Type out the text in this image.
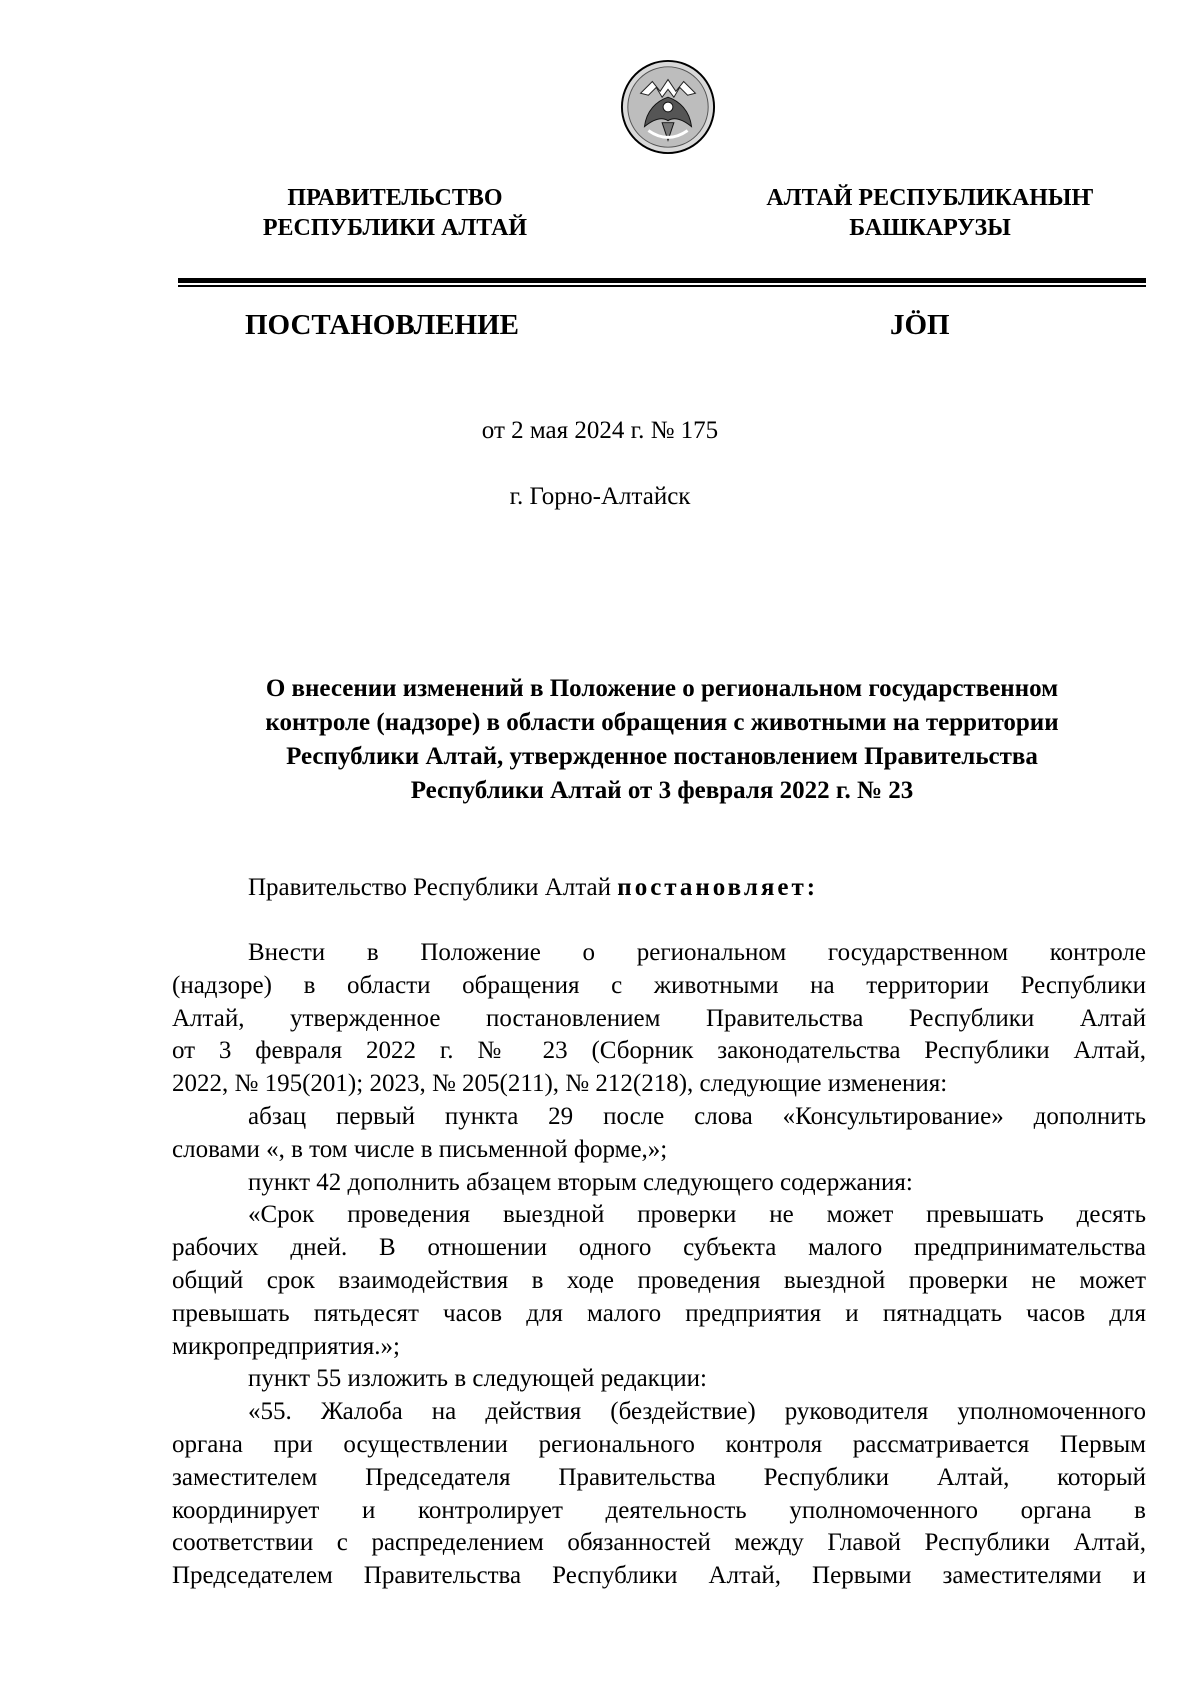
ПРАВИТЕЛЬСТВО
РЕСПУБЛИКИ АЛТАЙ
АЛТАЙ РЕСПУБЛИКАНЫҤ
БАШКАРУЗЫ
ПОСТАНОВЛЕНИЕ	ЈӦП
от 2 мая 2024 г. № 175
г. Горно-Алтайск
О внесении изменений в Положение о региональном государственном
контроле (надзоре) в области обращения с животными на территории
Республики Алтай, утвержденное постановлением Правительства
Республики Алтай от 3 февраля 2022 г. № 23
Правительство Республики Алтай постановляет:
Внести в Положение о региональном государственном контроле
(надзоре) в области обращения с животными на территории Республики
Алтай, утвержденное постановлением Правительства Республики Алтай
от 3 февраля 2022 г. № 23 (Сборник законодательства Республики Алтай,
2022, № 195(201); 2023, № 205(211), № 212(218), следующие изменения:
абзац первый пункта 29 после слова «Консультирование» дополнить
словами «, в том числе в письменной форме,»;
пункт 42 дополнить абзацем вторым следующего содержания:
«Срок проведения выездной проверки не может превышать десять
рабочих дней. В отношении одного субъекта малого предпринимательства
общий срок взаимодействия в ходе проведения выездной проверки не может
превышать пятьдесят часов для малого предприятия и пятнадцать часов для
микропредприятия.»;
пункт 55 изложить в следующей редакции:
«55. Жалоба на действия (бездействие) руководителя уполномоченного
органа при осуществлении регионального контроля рассматривается Первым
заместителем Председателя Правительства Республики Алтай, который
координирует и контролирует деятельность уполномоченного органа в
соответствии с распределением обязанностей между Главой Республики Алтай,
Председателем Правительства Республики Алтай, Первыми заместителями и
